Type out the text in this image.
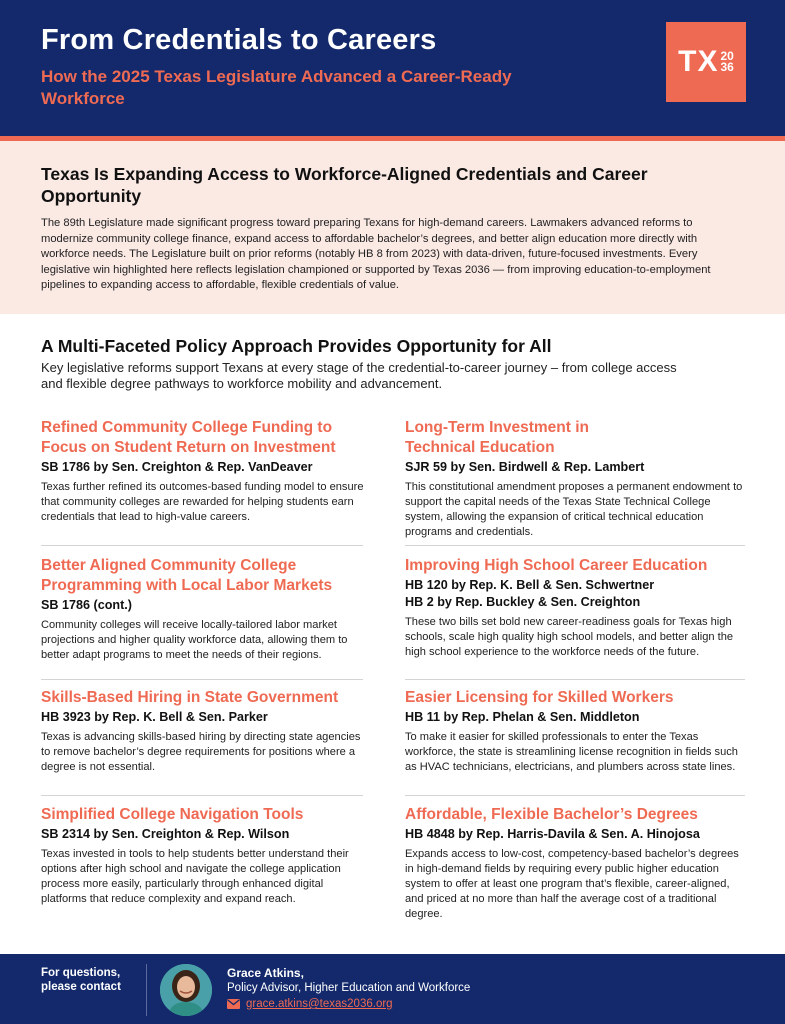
From Credentials to Careers
How the 2025 Texas Legislature Advanced a Career-Ready Workforce
TX 20
36
Texas Is Expanding Access to Workforce-Aligned Credentials and Career Opportunity

The 89th Legislature made significant progress toward preparing Texans for high-demand careers. Lawmakers advanced reforms to modernize community college finance, expand access to affordable bachelor’s degrees, and better align education more directly with workforce needs. The Legislature built on prior reforms (notably HB 8 from 2023) with data-driven, future-focused investments. Every legislative win highlighted here reflects legislation championed or supported by Texas 2036 — from improving education-to-employment pipelines to expanding access to affordable, flexible credentials of value.

A Multi-Faceted Policy Approach Provides Opportunity for All
Key legislative reforms support Texans at every stage of the credential-to-career journey – from college access and flexible degree pathways to workforce mobility and advancement.
Refined Community College Funding to Focus on Student Return on Investment
SB 1786 by Sen. Creighton & Rep. VanDeaver

Texas further refined its outcomes-based funding model to ensure that community colleges are rewarded for helping students earn credentials that lead to high-value careers.

Long-Term Investment in Technical Education
SJR 59 by Sen. Birdwell & Rep. Lambert

This constitutional amendment proposes a permanent endowment to support the capital needs of the Texas State Technical College system, allowing the expansion of critical technical education programs and credentials.

Better Aligned Community College Programming with Local Labor Markets
SB 1786 (cont.)

Community colleges will receive locally-tailored labor market projections and higher quality workforce data, allowing them to better adapt programs to meet the needs of their regions.

Improving High School Career Education
HB 120 by Rep. K. Bell & Sen. Schwertner
HB 2 by Rep. Buckley & Sen. Creighton

These two bills set bold new career-readiness goals for Texas high schools, scale high quality high school models, and better align the high school experience to the workforce needs of the future.

Skills-Based Hiring in State Government
HB 3923 by Rep. K. Bell & Sen. Parker

Texas is advancing skills-based hiring by directing state agencies to remove bachelor’s degree requirements for positions where a degree is not essential.

Easier Licensing for Skilled Workers
HB 11 by Rep. Phelan & Sen. Middleton

To make it easier for skilled professionals to enter the Texas workforce, the state is streamlining license recognition in fields such as HVAC technicians, electricians, and plumbers across state lines.

Simplified College Navigation Tools
SB 2314 by Sen. Creighton & Rep. Wilson

Texas invested in tools to help students better understand their options after high school and navigate the college application process more easily, particularly through enhanced digital platforms that reduce complexity and expand reach.

Affordable, Flexible Bachelor’s Degrees
HB 4848 by Rep. Harris-Davila & Sen. A. Hinojosa

Expands access to low-cost, competency-based bachelor’s degrees in high-demand fields by requiring every public higher education system to offer at least one program that’s flexible, career-aligned, and priced at no more than half the average cost of a traditional degree.

For questions, please contact
Grace Atkins,
Policy Advisor, Higher Education and Workforce
grace.atkins@texas2036.org
